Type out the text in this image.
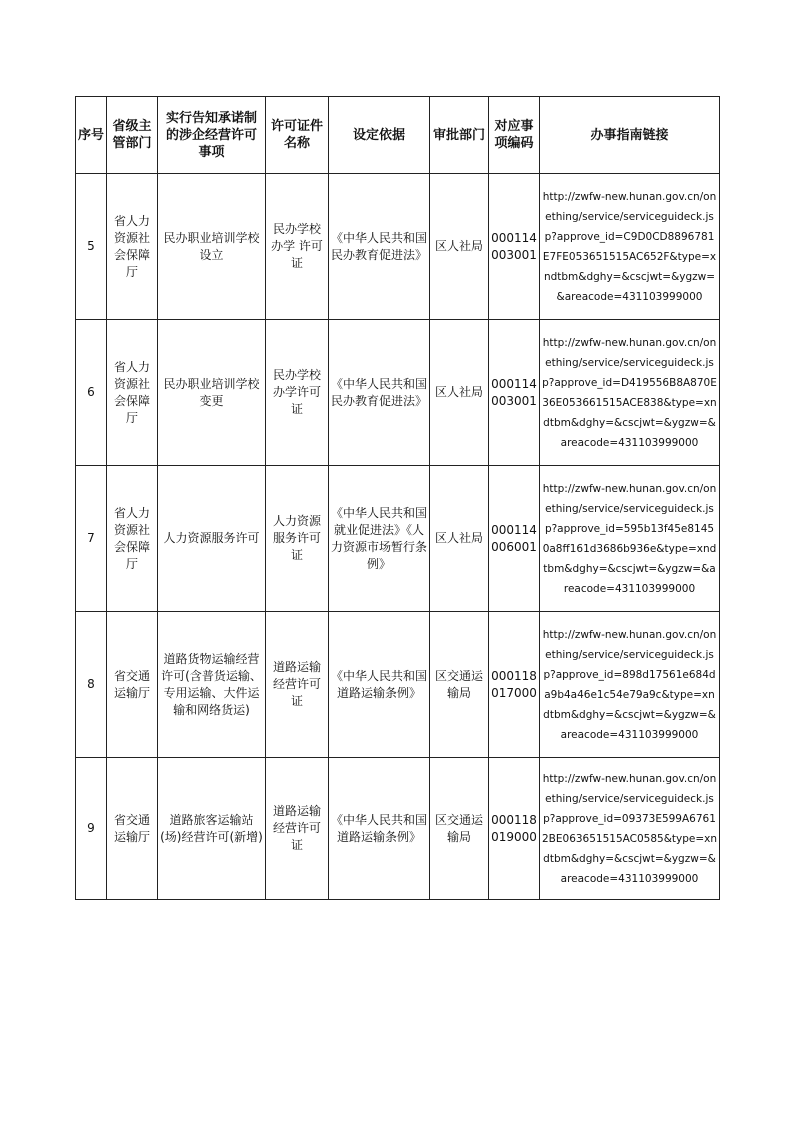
序号	省级主管部门	实行告知承诺制的涉企经营许可事项	许可证件名称	设定依据	审批部门	对应事项编码	办事指南链接
5	省人力资源社会保障厅	民办职业培训学校设立	民办学校办学 许可证	《中华人民共和国民办教育促进法》	区人社局	000114003001	http://zwfw-new.hunan.gov.cn/onething/service/serviceguideck.jsp?approve_id=C9D0CD8896781E7FE053651515AC652F&type=xndtbm&dghy=&cscjwt=&ygzw=&areacode=431103999000
6	省人力资源社会保障厅	民办职业培训学校变更	民办学校办学许可证	《中华人民共和国民办教育促进法》	区人社局	000114003001	http://zwfw-new.hunan.gov.cn/onething/service/serviceguideck.jsp?approve_id=D419556B8A870E36E053661515ACE838&type=xndtbm&dghy=&cscjwt=&ygzw=&areacode=431103999000
7	省人力资源社会保障厅	人力资源服务许可	人力资源服务许可证	《中华人民共和国就业促进法》《人力资源市场暂行条例》	区人社局	000114006001	http://zwfw-new.hunan.gov.cn/onething/service/serviceguideck.jsp?approve_id=595b13f45e81450a8ff161d3686b936e&type=xndtbm&dghy=&cscjwt=&ygzw=&areacode=431103999000
8	省交通运输厅	道路货物运输经营许可(含普货运输、专用运输、大件运输和网络货运)	道路运输经营许可证	《中华人民共和国道路运输条例》	区交通运输局	000118017000	http://zwfw-new.hunan.gov.cn/onething/service/serviceguideck.jsp?approve_id=898d17561e684da9b4a46e1c54e79a9c&type=xndtbm&dghy=&cscjwt=&ygzw=&areacode=431103999000
9	省交通运输厅	道路旅客运输站(场)经营许可(新增)	道路运输经营许可证	《中华人民共和国道路运输条例》	区交通运输局	000118019000	http://zwfw-new.hunan.gov.cn/onething/service/serviceguideck.jsp?approve_id=09373E599A67612BE063651515AC0585&type=xndtbm&dghy=&cscjwt=&ygzw=&areacode=431103999000
